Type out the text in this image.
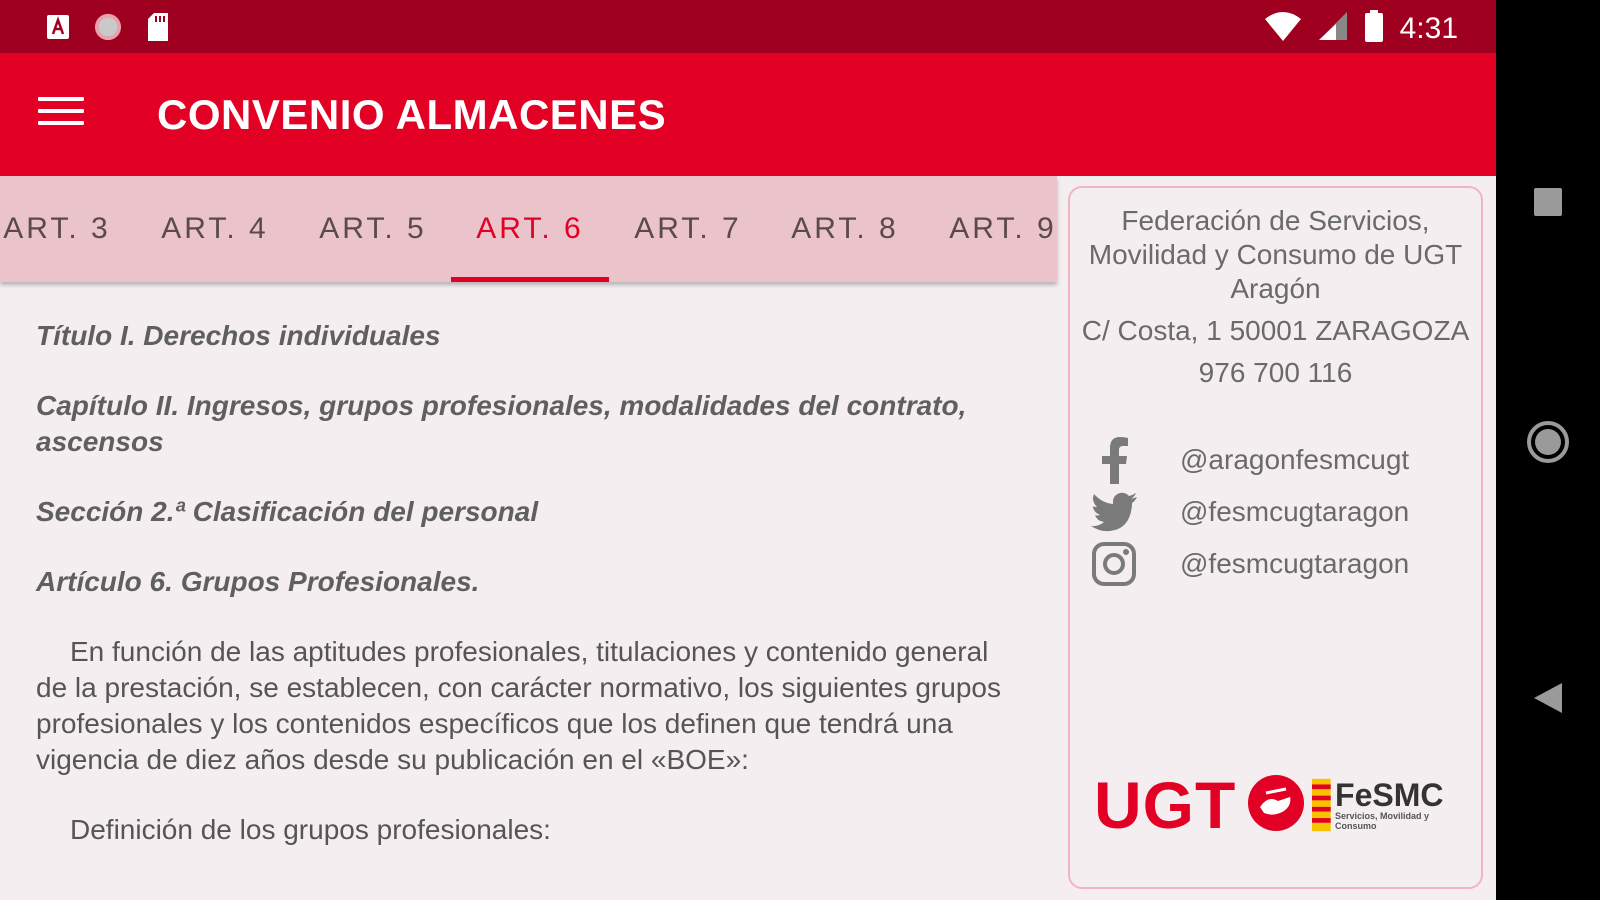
4:31
CONVENIO ALMACENES
ART. 3	ART. 4	ART. 5	ART. 6	ART. 7	ART. 8	ART. 9

Título I. Derechos individuales

Capítulo II. Ingresos, grupos profesionales, modalidades del contrato, ascensos

Sección 2.ª Clasificación del personal

Artículo 6. Grupos Profesionales.

En función de las aptitudes profesionales, titulaciones y contenido general de la prestación, se establecen, con carácter normativo, los siguientes grupos profesionales y los contenidos específicos que los definen que tendrá una vigencia de diez años desde su publicación en el «BOE»:

Definición de los grupos profesionales:

Federación de Servicios, Movilidad y Consumo de UGT Aragón
C/ Costa, 1 50001 ZARAGOZA
976 700 116
@aragonfesmcugt
@fesmcugtaragon
@fesmcugtaragon
UGT	FeSMC
Servicios, Movilidad y Consumo
